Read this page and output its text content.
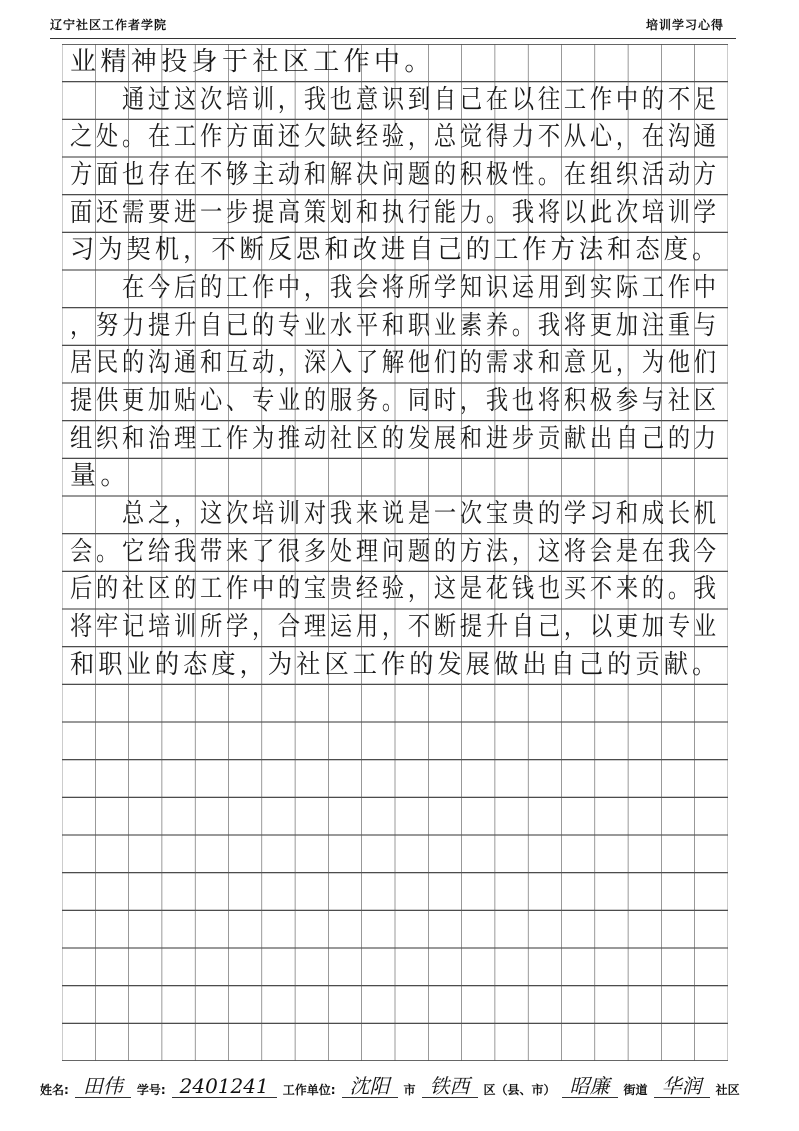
辽宁社区工作者学院	培训学习心得
业精神投身于社区工作中。
　　通过这次培训，我也意识到自己在以往工作中的不足
之处。在工作方面还欠缺经验，总觉得力不从心，在沟通
方面也存在不够主动和解决问题的积极性。在组织活动方
面还需要进一步提高策划和执行能力。我将以此次培训学
习为契机，不断反思和改进自己的工作方法和态度。
　　在今后的工作中，我会将所学知识运用到实际工作中
，努力提升自己的专业水平和职业素养。我将更加注重与
居民的沟通和互动，深入了解他们的需求和意见，为他们
提供更加贴心、专业的服务。同时，我也将积极参与社区
组织和治理工作为推动社区的发展和进步贡献出自己的力
量。
　　总之，这次培训对我来说是一次宝贵的学习和成长机
会。它给我带来了很多处理问题的方法，这将会是在我今
后的社区的工作中的宝贵经验，这是花钱也买不来的。我
将牢记培训所学，合理运用，不断提升自己，以更加专业
和职业的态度，为社区工作的发展做出自己的贡献。
姓名: 田伟	学号: 2401241	工作单位: 沈阳	市 铁西	区（县、市） 昭廉	街道 华润	社区
